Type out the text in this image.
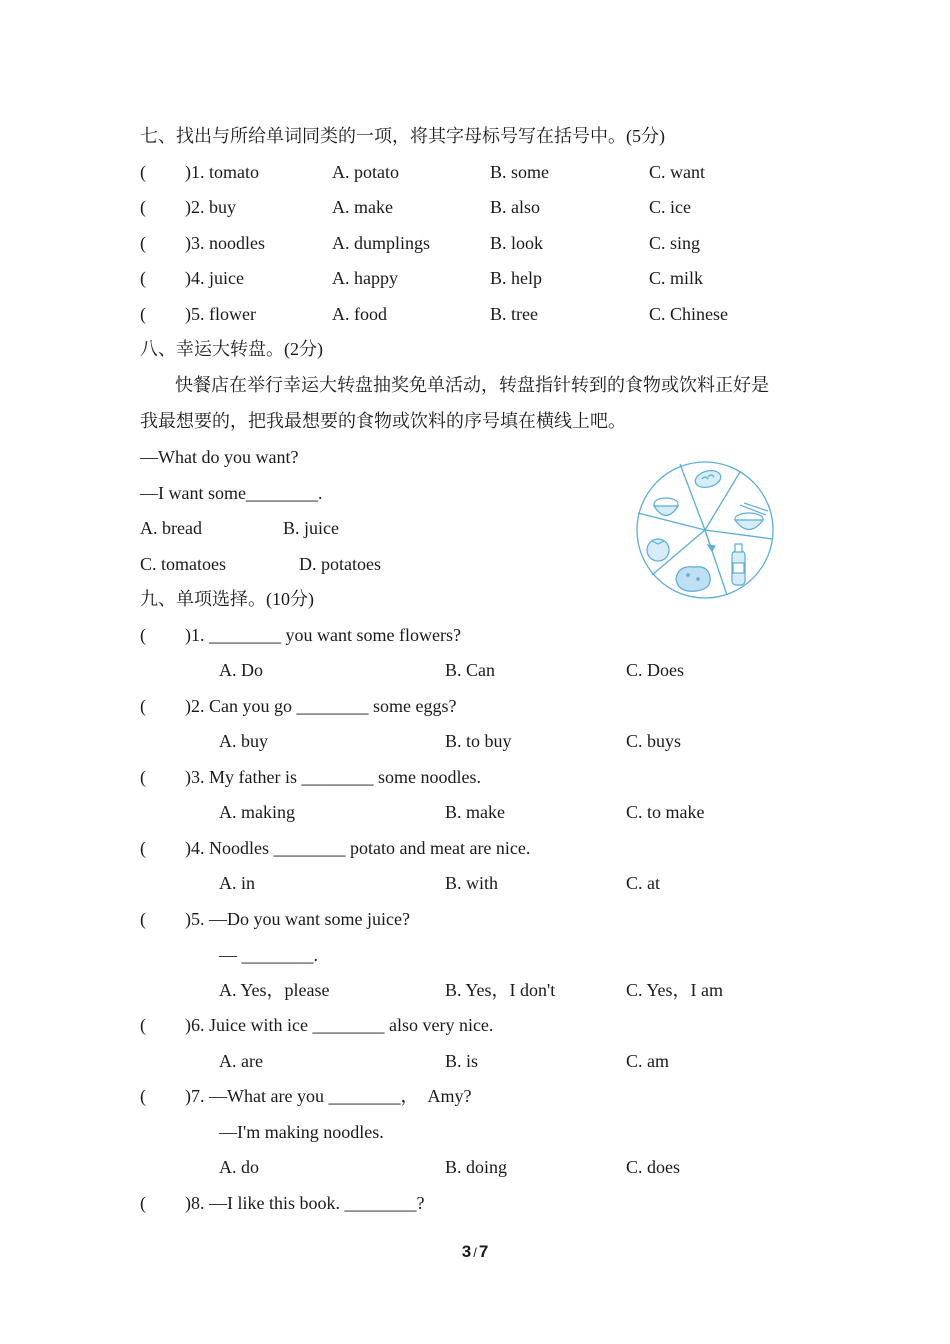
七、找出与所给单词同类的一项，将其字母标号写在括号中。(5分)
( )1. tomato	A. potato	B. some	C. want
( )2. buy	A. make	B. also	C. ice
( )3. noodles	A. dumplings	B. look	C. sing
( )4. juice	A. happy	B. help	C. milk
( )5. flower	A. food	B. tree	C. Chinese
八、幸运大转盘。(2分)
快餐店在举行幸运大转盘抽奖免单活动，转盘指针转到的食物或饮料正好是
我最想要的，把我最想要的食物或饮料的序号填在横线上吧。
—What do you want?
—I want some________.
A. bread	B. juice
C. tomatoes	D. potatoes
九、单项选择。(10分)
( )1. ________ you want some flowers?
A. Do	B. Can	C. Does
( )2. Can you go ________ some eggs?
A. buy	B. to buy	C. buys
( )3. My father is ________ some noodles.
A. making	B. make	C. to make
( )4. Noodles ________ potato and meat are nice.
A. in	B. with	C. at
( )5. —Do you want some juice?
— ________.
A. Yes，please	B. Yes，I don't	C. Yes，I am
( )6. Juice with ice ________ also very nice.
A. are	B. is	C. am
( )7. —What are you ________，　Amy?
—I'm making noodles.
A. do	B. doing	C. does
( )8. —I like this book. ________?
3 / 7
